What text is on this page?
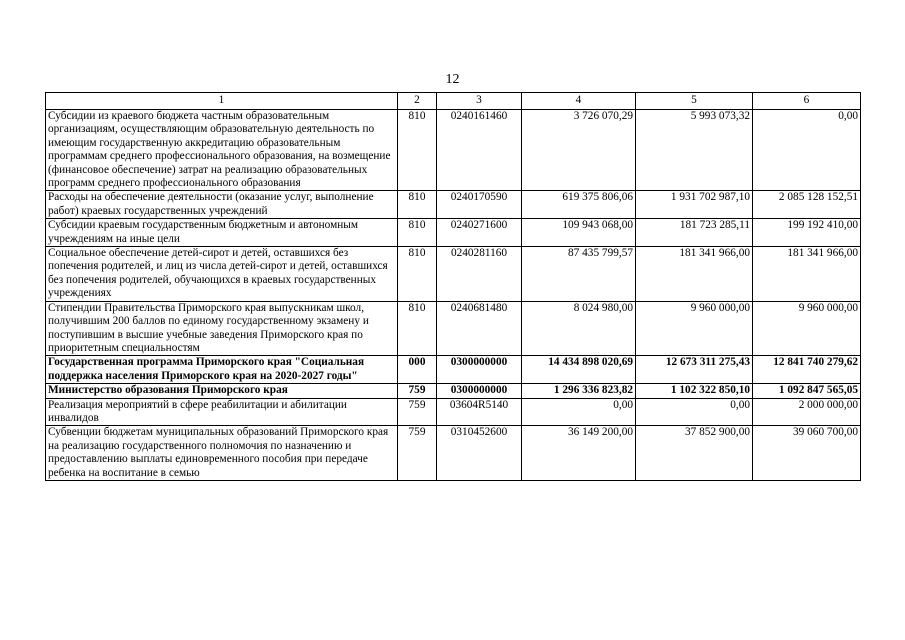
12
1	2	3	4	5	6
Субсидии из краевого бюджета частным образовательным организациям, осуществляющим образовательную деятельность по имеющим государственную аккредитацию образовательным программам среднего профессионального образования, на возмещение (финансовое обеспечение) затрат на реализацию образовательных программ среднего профессионального образования	810	0240161460	3 726 070,29	5 993 073,32	0,00
Расходы на обеспечение деятельности (оказание услуг, выполнение работ) краевых государственных учреждений	810	0240170590	619 375 806,06	1 931 702 987,10	2 085 128 152,51
Субсидии краевым государственным бюджетным и автономным учреждениям на иные цели	810	0240271600	109 943 068,00	181 723 285,11	199 192 410,00
Социальное обеспечение детей-сирот и детей, оставшихся без попечения родителей, и лиц из числа детей-сирот и детей, оставшихся без попечения родителей, обучающихся в краевых государственных учреждениях	810	0240281160	87 435 799,57	181 341 966,00	181 341 966,00
Стипендии Правительства Приморского края выпускникам школ, получившим 200 баллов по единому государственному экзамену и поступившим в высшие учебные заведения Приморского края по приоритетным специальностям	810	0240681480	8 024 980,00	9 960 000,00	9 960 000,00
Государственная программа Приморского края "Социальная поддержка населения Приморского края на 2020-2027 годы"	000	0300000000	14 434 898 020,69	12 673 311 275,43	12 841 740 279,62
Министерство образования Приморского края	759	0300000000	1 296 336 823,82	1 102 322 850,10	1 092 847 565,05
Реализация мероприятий в сфере реабилитации и абилитации инвалидов	759	03604R5140	0,00	0,00	2 000 000,00
Субвенции бюджетам муниципальных образований Приморского края на реализацию государственного полномочия по назначению и предоставлению выплаты единовременного пособия при передаче ребенка на воспитание в семью	759	0310452600	36 149 200,00	37 852 900,00	39 060 700,00
